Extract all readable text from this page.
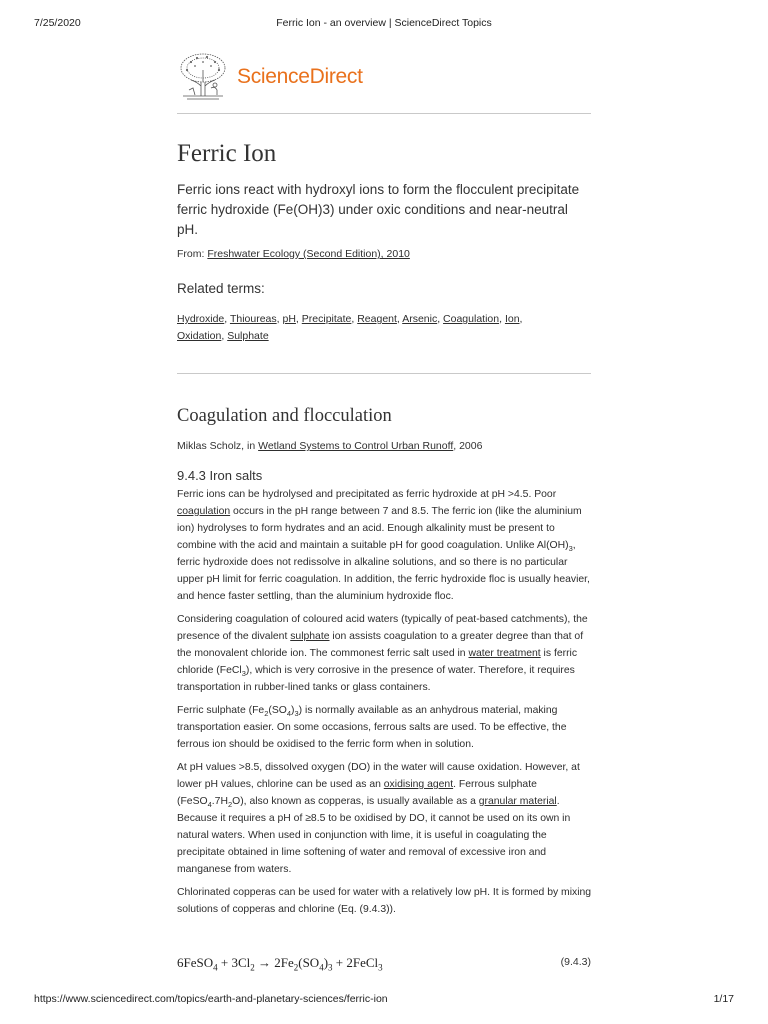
7/25/2020	Ferric Ion - an overview | ScienceDirect Topics
ScienceDirect
Ferric Ion

Ferric ions react with hydroxyl ions to form the flocculent precipitate ferric hydroxide (Fe(OH)3) under oxic conditions and near-neutral pH.

From: Freshwater Ecology (Second Edition), 2010
Related terms:
Hydroxide, Thioureas, pH, Precipitate, Reagent, Arsenic, Coagulation, Ion,
Oxidation, Sulphate
Coagulation and flocculation
Miklas Scholz, in Wetland Systems to Control Urban Runoff, 2006
9.4.3 Iron salts

Ferric ions can be hydrolysed and precipitated as ferric hydroxide at pH >4.5. Poor coagulation occurs in the pH range between 7 and 8.5. The ferric ion (like the aluminium ion) hydrolyses to form hydrates and an acid. Enough alkalinity must be present to combine with the acid and maintain a suitable pH for good coagulation. Unlike $Al(OH)_3$, ferric hydroxide does not redissolve in alkaline solutions, and so there is no particular upper pH limit for ferric coagulation. In addition, the ferric hydroxide floc is usually heavier, and hence faster settling, than the aluminium hydroxide floc.

Considering coagulation of coloured acid waters (typically of peat-based catchments), the presence of the divalent sulphate ion assists coagulation to a greater degree than that of the monovalent chloride ion. The commonest ferric salt used in water treatment is ferric chloride (FeCl$_3$), which is very corrosive in the presence of water. Therefore, it requires transportation in rubber-lined tanks or glass containers.

Ferric sulphate $(Fe_2(SO_4)_3)$ is normally available as an anhydrous material, making transportation easier. On some occasions, ferrous salts are used. To be effective, the ferrous ion should be oxidised to the ferric form when in solution.

At pH values >8.5, dissolved oxygen (DO) in the water will cause oxidation. However, at lower pH values, chlorine can be used as an oxidising agent. Ferrous sulphate $(FeSO_4.7H_2O)$, also known as copperas, is usually available as a granular material. Because it requires a pH of ≥8.5 to be oxidised by DO, it cannot be used on its own in natural waters. When used in conjunction with lime, it is useful in coagulating the precipitate obtained in lime softening of water and removal of excessive iron and manganese from waters.

Chlorinated copperas can be used for water with a relatively low pH. It is formed by mixing solutions of copperas and chlorine (Eq. (9.4.3)).

6FeSO$_4$ + $3Cl_2 \to 2Fe_2(SO_4)_3$ + 2FeCl$_3$	(9.4.3)
https://www.sciencedirect.com/topics/earth-and-planetary-sciences/ferric-ion	1/17
